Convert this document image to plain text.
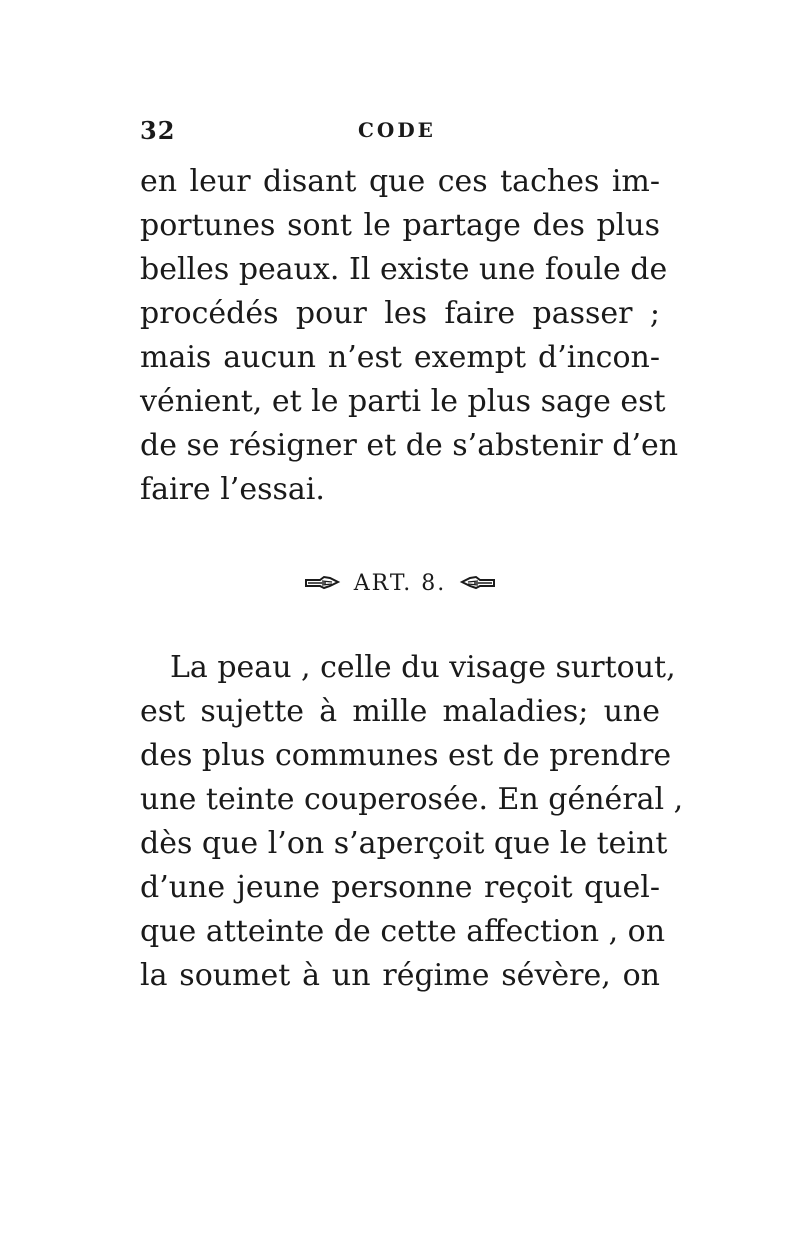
32	CODE
en leur disant que ces taches im-
portunes sont le partage des plus
belles peaux. Il existe une foule de
procédés pour les faire passer ;
mais aucun n’est exempt d’incon-
vénient, et le parti le plus sage est
de se résigner et de s’abstenir d’en
faire l’essai.
ART. 8.
La peau , celle du visage surtout,
est sujette à mille maladies; une
des plus communes est de prendre
une teinte couperosée. En général ,
dès que l’on s’aperçoit que le teint
d’une jeune personne reçoit quel-
que atteinte de cette affection , on
la soumet à un régime sévère, on
